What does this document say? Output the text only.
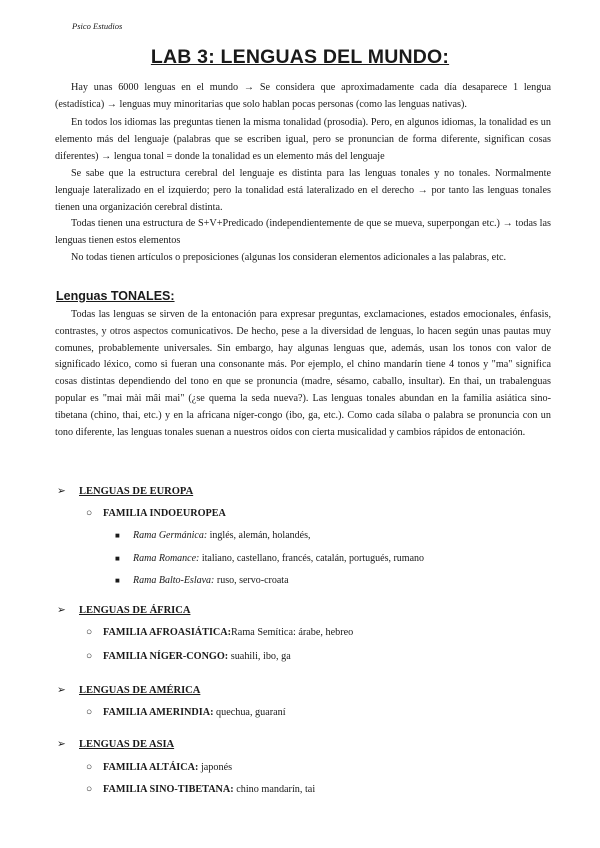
Psico Estudios
LAB 3: LENGUAS DEL MUNDO:

Hay unas 6000 lenguas en el mundo → Se considera que aproximadamente cada día desaparece 1 lengua (estadística) → lenguas muy minoritarias que solo hablan pocas personas (como las lenguas nativas).

En todos los idiomas las preguntas tienen la misma tonalidad (prosodia). Pero, en algunos idiomas, la tonalidad es un elemento más del lenguaje (palabras que se escriben igual, pero se pronuncian de forma diferente, significan cosas diferentes) → lengua tonal = donde la tonalidad es un elemento más del lenguaje

Se sabe que la estructura cerebral del lenguaje es distinta para las lenguas tonales y no tonales. Normalmente lenguaje lateralizado en el izquierdo; pero la tonalidad está lateralizado en el derecho → por tanto las lenguas tonales tienen una organización cerebral distinta.

Todas tienen una estructura de S+V+Predicado (independientemente de que se mueva, superpongan etc.) → todas las lenguas tienen estos elementos

No todas tienen artículos o preposiciones (algunas los consideran elementos adicionales a las palabras, etc.

Lenguas TONALES:

Todas las lenguas se sirven de la entonación para expresar preguntas, exclamaciones, estados emocionales, énfasis, contrastes, y otros aspectos comunicativos. De hecho, pese a la diversidad de lenguas, lo hacen según unas pautas muy comunes, probablemente universales. Sin embargo, hay algunas lenguas que, además, usan los tonos con valor de significado léxico, como si fueran una consonante más. Por ejemplo, el chino mandarín tiene 4 tonos y "ma" significa cosas distintas dependiendo del tono en que se pronuncia (madre, sésamo, caballo, insultar). En thai, un trabalenguas popular es "mai mài mâi mai" (¿se quema la seda nueva?). Las lenguas tonales abundan en la familia asiática sino-tibetana (chino, thai, etc.) y en la africana níger-congo (ibo, ga, etc.). Como cada sílaba o palabra se pronuncia con un tono diferente, las lenguas tonales suenan a nuestros oídos con cierta musicalidad y cambios rápidos de entonación.

➢ LENGUAS DE EUROPA
○ FAMILIA INDOEUROPEA
■ Rama Germánica: inglés, alemán, holandés,
■ Rama Romance: italiano, castellano, francés, catalán, portugués, rumano
■ Rama Balto-Eslava: ruso, servo-croata
➢ LENGUAS DE ÁFRICA
○ FAMILIA AFROASIÁTICA:Rama Semítica: árabe, hebreo
○ FAMILIA NÍGER-CONGO: suahili, ibo, ga
➢ LENGUAS DE AMÉRICA
○ FAMILIA AMERINDIA: quechua, guaraní
➢ LENGUAS DE ASIA
○ FAMILIA ALTÁICA: japonés
○ FAMILIA SINO-TIBETANA: chino mandarín, tai
